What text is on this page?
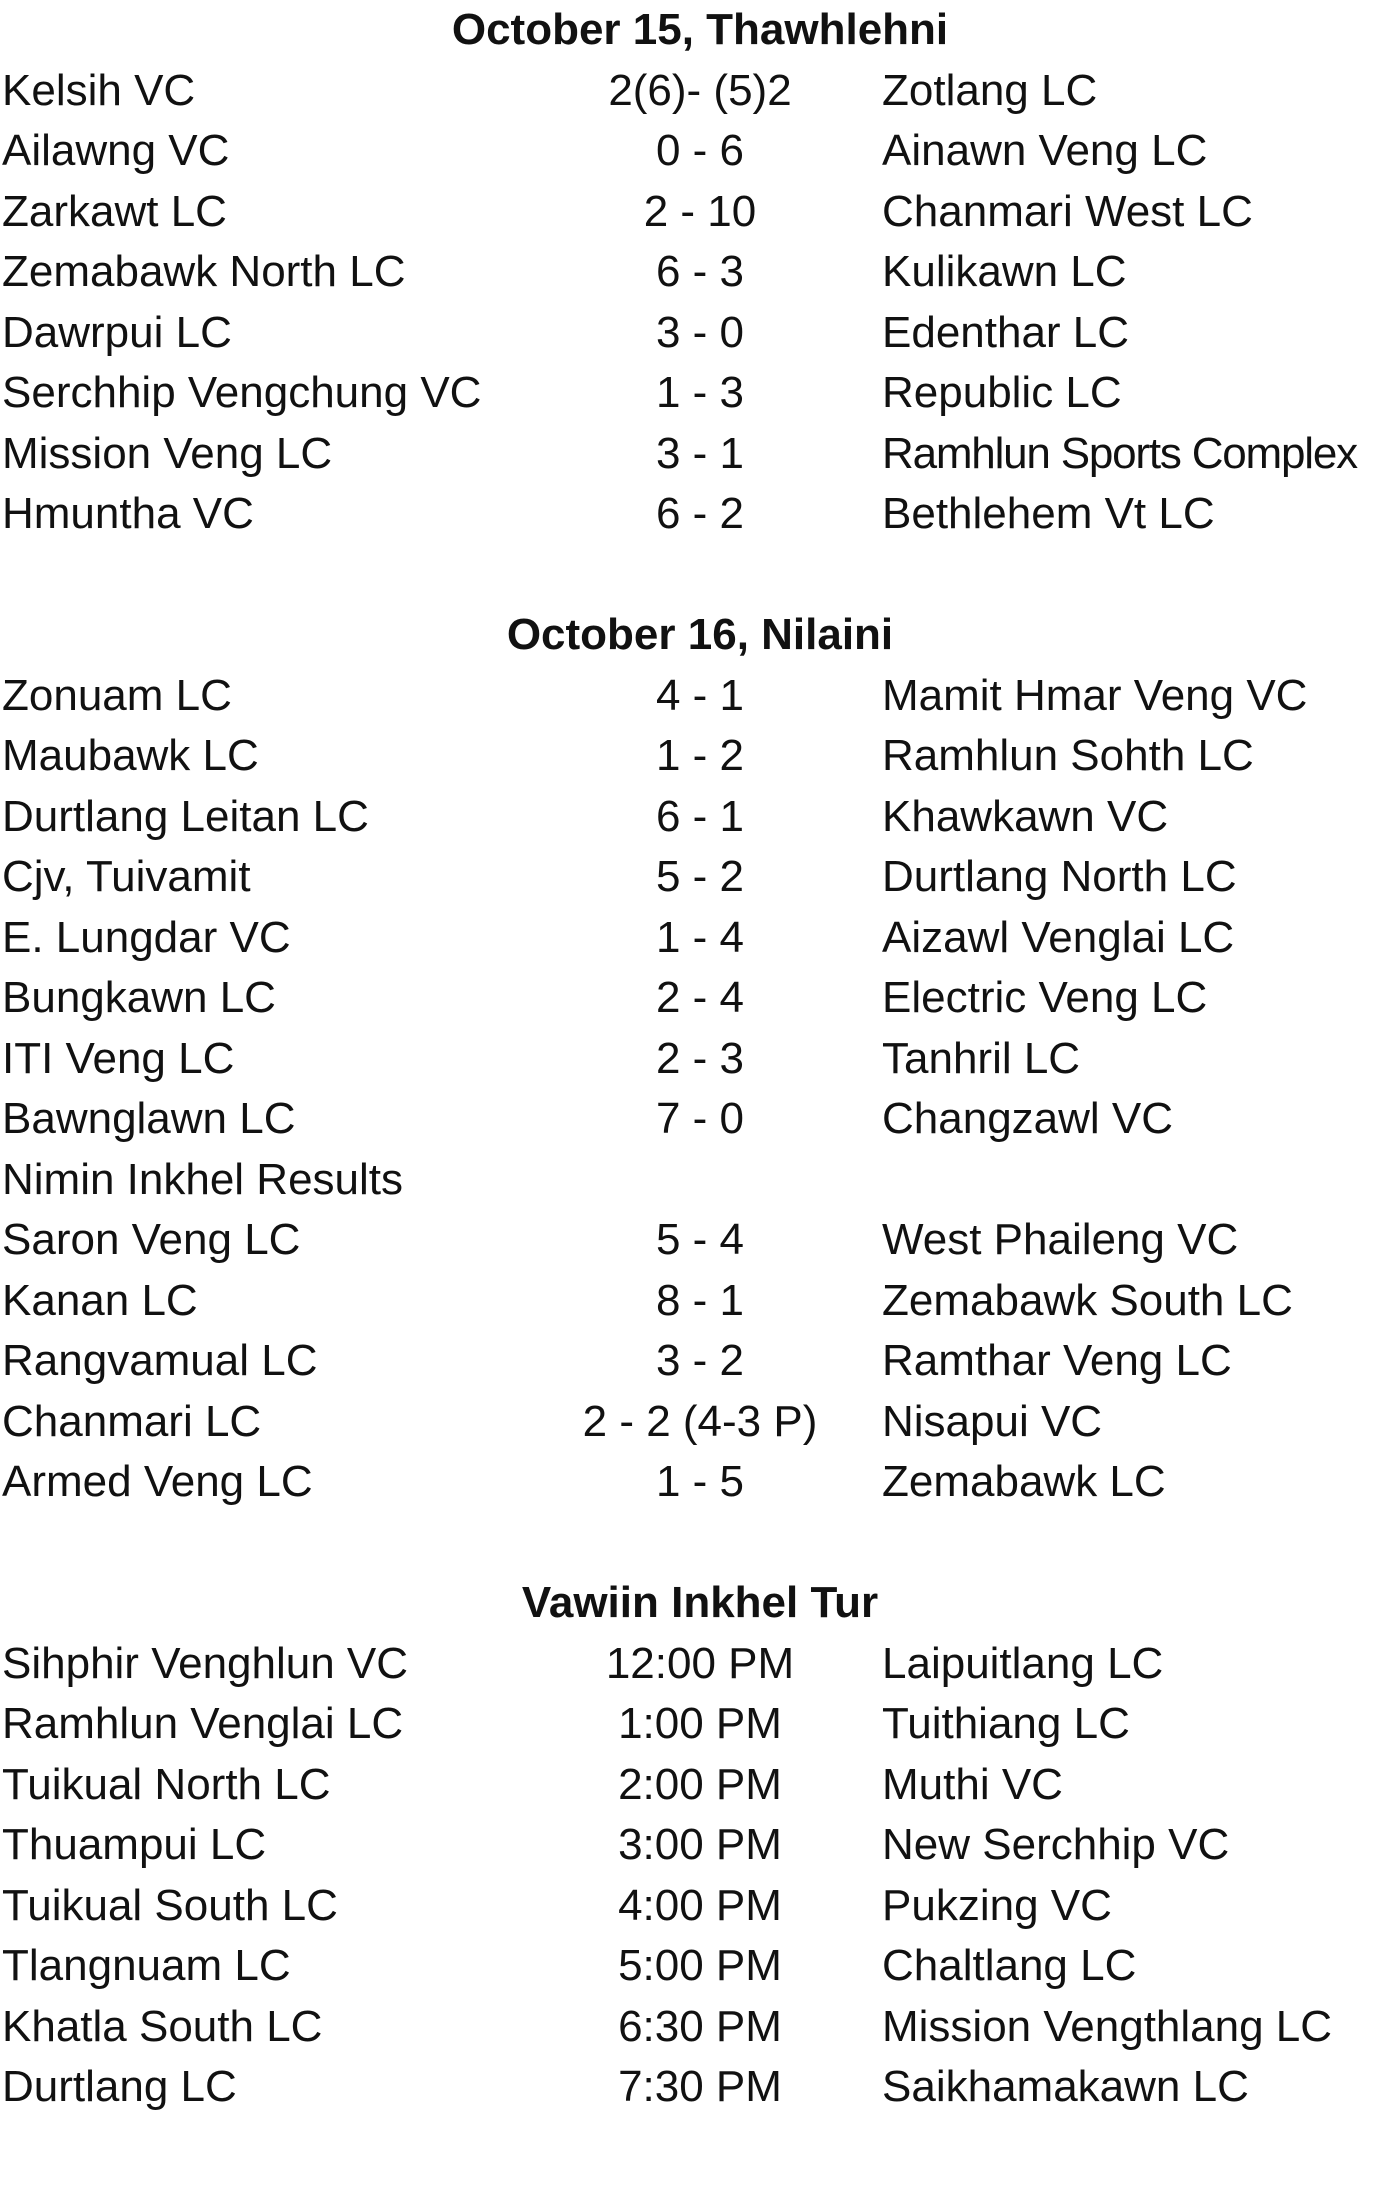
October 15, Thawhlehni
Kelsih VC	2(6)- (5)2	Zotlang LC
Ailawng VC	0 - 6	Ainawn Veng LC
Zarkawt LC	2 - 10	Chanmari West LC
Zemabawk North LC	6 - 3	Kulikawn LC
Dawrpui LC	3 - 0	Edenthar LC
Serchhip Vengchung VC	1 - 3	Republic LC
Mission Veng LC	3 - 1	Ramhlun Sports Complex
Hmuntha VC	6 - 2	Bethlehem Vt LC
October 16, Nilaini
Zonuam LC	4 - 1	Mamit Hmar Veng VC
Maubawk LC	1 - 2	Ramhlun Sohth LC
Durtlang Leitan LC	6 - 1	Khawkawn VC
Cjv, Tuivamit	5 - 2	Durtlang North LC
E. Lungdar VC	1 - 4	Aizawl Venglai LC
Bungkawn LC	2 - 4	Electric Veng LC
ITI Veng LC	2 - 3	Tanhril LC
Bawnglawn LC	7 - 0	Changzawl VC
Nimin Inkhel Results
Saron Veng LC	5 - 4	West Phaileng VC
Kanan LC	8 - 1	Zemabawk South LC
Rangvamual LC	3 - 2	Ramthar Veng LC
Chanmari LC	2 - 2 (4-3 P)	Nisapui VC
Armed Veng LC	1 - 5	Zemabawk LC
Vawiin Inkhel Tur
Sihphir Venghlun VC	12:00 PM	Laipuitlang LC
Ramhlun Venglai LC	1:00 PM	Tuithiang LC
Tuikual North LC	2:00 PM	Muthi VC
Thuampui LC	3:00 PM	New Serchhip VC
Tuikual South LC	4:00 PM	Pukzing VC
Tlangnuam LC	5:00 PM	Chaltlang LC
Khatla South LC	6:30 PM	Mission Vengthlang LC
Durtlang LC	7:30 PM	Saikhamakawn LC
